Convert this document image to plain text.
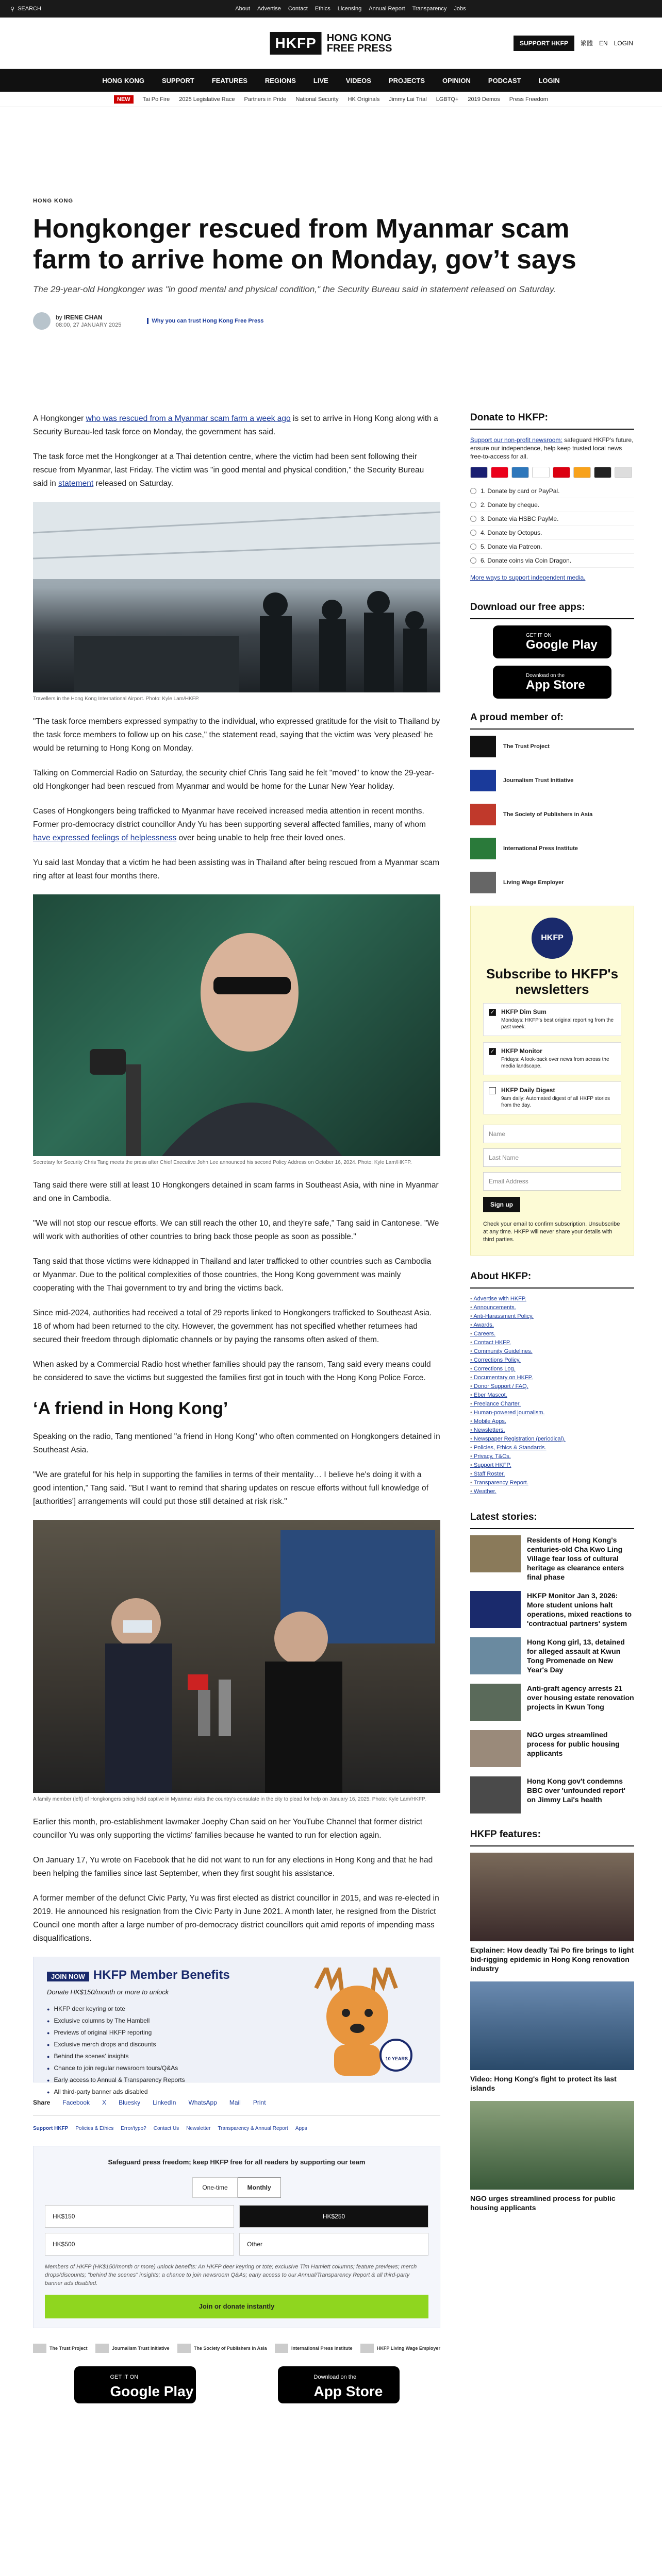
⚲ SEARCH	About Advertise Contact Ethics Licensing Annual Report Transparency Jobs
HKFP	HONG KONG
FREE PRESS	SUPPORT HKFP	繁體 EN LOGIN
HONG KONG	SUPPORT	FEATURES	REGIONS	LIVE	VIDEOS	PROJECTS	OPINION	PODCAST	LOGIN
NEW	Tai Po Fire 2025 Legislative Race Partners in Pride National Security HK Originals Jimmy Lai Trial LGBTQ+ 2019 Demos Press Freedom
HONG KONG
Hongkonger rescued from Myanmar scam farm to arrive home on Monday, gov’t says
The 29-year-old Hongkonger was "in good mental and physical condition," the Security Bureau said in statement released on Saturday.
by IRENE CHAN
08:00, 27 JANUARY 2025
Why you can trust Hong Kong Free Press

A Hongkonger who was rescued from a Myanmar scam farm a week ago is set to arrive in Hong Kong along with a Security Bureau-led task force on Monday, the government has said.

The task force met the Hongkonger at a Thai detention centre, where the victim had been sent following their rescue from Myanmar, last Friday. The victim was "in good mental and physical condition," the Security Bureau said in statement released on Saturday.

Travellers in the Hong Kong International Airport. Photo: Kyle Lam/HKFP.

"The task force members expressed sympathy to the individual, who expressed gratitude for the visit to Thailand by the task force members to follow up on his case," the statement read, saying that the victim was 'very pleased' he would be returning to Hong Kong on Monday.

Talking on Commercial Radio on Saturday, the security chief Chris Tang said he felt "moved" to know the 29-year-old Hongkonger had been rescued from Myanmar and would be home for the Lunar New Year holiday.

Cases of Hongkongers being trafficked to Myanmar have received increased media attention in recent months. Former pro-democracy district councillor Andy Yu has been supporting several affected families, many of whom have expressed feelings of helplessness over being unable to help free their loved ones.

Yu said last Monday that a victim he had been assisting was in Thailand after being rescued from a Myanmar scam ring after at least four months there.

Secretary for Security Chris Tang meets the press after Chief Executive John Lee announced his second Policy Address on October 16, 2024. Photo: Kyle Lam/HKFP.

Tang said there were still at least 10 Hongkongers detained in scam farms in Southeast Asia, with nine in Myanmar and one in Cambodia.

"We will not stop our rescue efforts. We can still reach the other 10, and they're safe," Tang said in Cantonese. "We will work with authorities of other countries to bring back those people as soon as possible."

Tang said that those victims were kidnapped in Thailand and later trafficked to other countries such as Cambodia or Myanmar. Due to the political complexities of those countries, the Hong Kong government was mainly cooperating with the Thai government to try and bring the victims back.

Since mid-2024, authorities had received a total of 29 reports linked to Hongkongers trafficked to Southeast Asia. 18 of whom had been returned to the city. However, the government has not specified whether returnees had secured their freedom through diplomatic channels or by paying the ransoms often asked of them.

When asked by a Commercial Radio host whether families should pay the ransom, Tang said every means could be considered to save the victims but suggested the families first got in touch with the Hong Kong Police Force.

‘A friend in Hong Kong’

Speaking on the radio, Tang mentioned "a friend in Hong Kong" who often commented on Hongkongers detained in Southeast Asia.

"We are grateful for his help in supporting the families in terms of their mentality… I believe he's doing it with a good intention," Tang said. "But I want to remind that sharing updates on rescue efforts without full knowledge of [authorities'] arrangements will could put those still detained at risk risk."

A family member (left) of Hongkongers being held captive in Myanmar visits the country's consulate in the city to plead for help on January 16, 2025. Photo: Kyle Lam/HKFP.

Earlier this month, pro-establishment lawmaker Joephy Chan said on her YouTube Channel that former district councillor Yu was only supporting the victims' families because he wanted to run for election again.

On January 17, Yu wrote on Facebook that he did not want to run for any elections in Hong Kong and that he had been helping the families since last September, when they first sought his assistance.

A former member of the defunct Civic Party, Yu was first elected as district councillor in 2015, and was re-elected in 2019. He announced his resignation from the Civic Party in June 2021. A month later, he resigned from the District Council one month after a large number of pro-democracy district councillors quit amid reports of impending mass disqualifications.

JOIN NOW HKFP Member Benefits
Donate HK$150/month or more to unlock
● HKFP deer keyring or tote
● Exclusive columns by The Hambell
● Previews of original HKFP reporting
● Exclusive merch drops and discounts
● Behind the scenes' insights
● Chance to join regular newsroom tours/Q&As
● Early access to Annual & Transparency Reports
● All third-party banner ads disabled
10 YEARS
Share Facebook X Bluesky LinkedIn WhatsApp Mail Print
Support HKFP Policies & Ethics Error/typo? Contact Us Newsletter Transparency & Annual Report Apps
Safeguard press freedom; keep HKFP free for all readers by supporting our team
One-time	Monthly
HK$150	HK$250
HK$500	Other
Members of HKFP (HK$150/month or more) unlock benefits: An HKFP deer keyring or tote; exclusive Tim Hamlett columns; feature previews; merch drops/discounts; "behind the scenes" insights; a chance to join newsroom Q&As; early access to our Annual/Transparency Report & all third-party banner ads disabled.
Join or donate instantly
The Trust Project	Journalism Trust Initiative	The Society of Publishers in Asia	International Press Institute	HKFP Living Wage Employer
GET IT ON
Google Play
Download on the
App Store
Donate to HKFP:

Support our non-profit newsroom: safeguard HKFP's future, ensure our independence, help keep trusted local news free-to-access for all.

1. Donate by card or PayPal.
2. Donate by cheque.
3. Donate via HSBC PayMe.
4. Donate by Octopus.
5. Donate via Patreon.
6. Donate coins via Coin Dragon.
More ways to support independent media.
Download our free apps:
GET IT ON
Google Play
Download on the
App Store
A proud member of:
The Trust Project
Journalism Trust Initiative
The Society of Publishers in Asia
International Press Institute
Living Wage Employer
HKFP
Subscribe to HKFP's newsletters
✓ HKFP Dim Sum
Mondays: HKFP's best original reporting from the past week.
✓ HKFP Monitor
Fridays: A look-back over news from across the media landscape.
HKFP Daily Digest
9am daily: Automated digest of all HKFP stories from the day.
Name
Last Name
Email Address
Sign up
Check your email to confirm subscription. Unsubscribe at any time. HKFP will never share your details with third parties.
About HKFP:
• Advertise with HKFP.
• Announcements.
• Anti-Harassment Policy.
• Awards.
• Careers.
• Contact HKFP.
• Community Guidelines.
• Corrections Policy.
• Corrections Log.
• Documentary on HKFP.
• Donor Support / FAQ.
• Eber Mascot.
• Freelance Charter.
• Human-powered journalism.
• Mobile Apps.
• Newsletters.
• Newspaper Registration (periodical).
• Policies, Ethics & Standards.
• Privacy, T&Cs.
• Support HKFP.
• Staff Roster.
• Transparency Report.
• Weather.
Latest stories:
Residents of Hong Kong's centuries-old Cha Kwo Ling Village fear loss of cultural heritage as clearance enters final phase
HKFP Monitor Jan 3, 2026: More student unions halt operations, mixed reactions to 'contractual partners' system
Hong Kong girl, 13, detained for alleged assault at Kwun Tong Promenade on New Year's Day
Anti-graft agency arrests 21 over housing estate renovation projects in Kwun Tong
NGO urges streamlined process for public housing applicants
Hong Kong gov't condemns BBC over 'unfounded report' on Jimmy Lai's health
HKFP features:
Explainer: How deadly Tai Po fire brings to light bid-rigging epidemic in Hong Kong renovation industry
Video: Hong Kong's fight to protect its last islands
NGO urges streamlined process for public housing applicants
